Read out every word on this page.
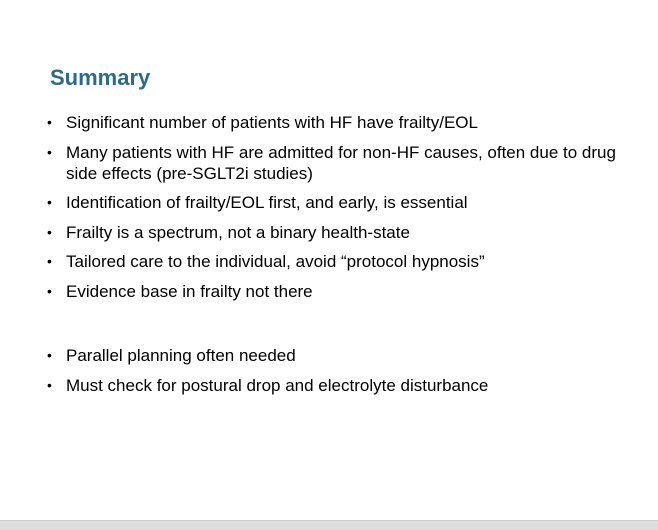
Summary
• Significant number of patients with HF have frailty/EOL
• Many patients with HF are admitted for non-HF causes, often due to drug side effects (pre-SGLT2i studies)
• Identification of frailty/EOL first, and early, is essential
• Frailty is a spectrum, not a binary health-state
• Tailored care to the individual, avoid “protocol hypnosis”
• Evidence base in frailty not there
• Parallel planning often needed
• Must check for postural drop and electrolyte disturbance
